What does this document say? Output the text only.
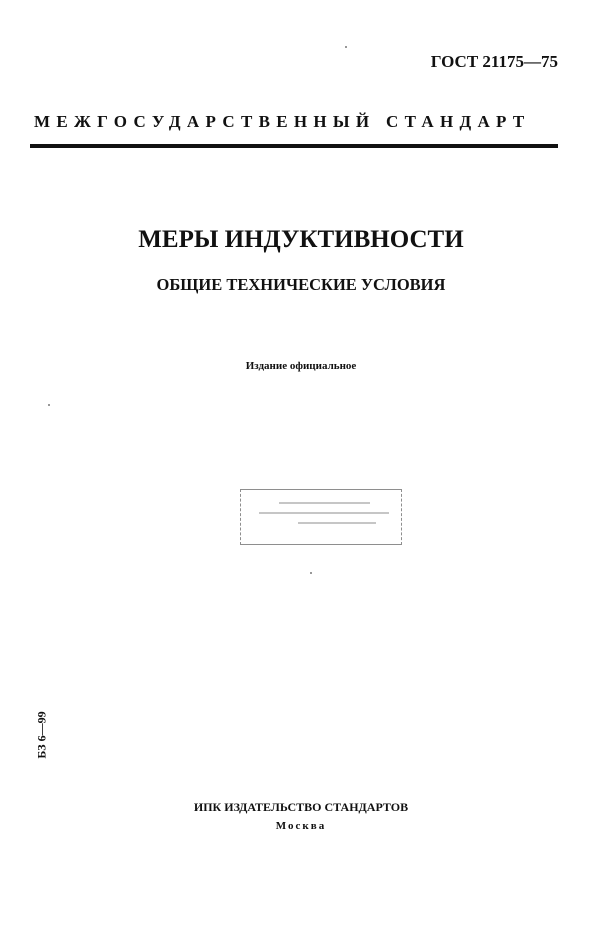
ГОСТ 21175—75
МЕЖГОСУДАРСТВЕННЫЙ СТАНДАРТ
МЕРЫ ИНДУКТИВНОСТИ
ОБЩИЕ ТЕХНИЧЕСКИЕ УСЛОВИЯ
Издание официальное
БЗ 6—99
ИПК ИЗДАТЕЛЬСТВО СТАНДАРТОВ
Москва
